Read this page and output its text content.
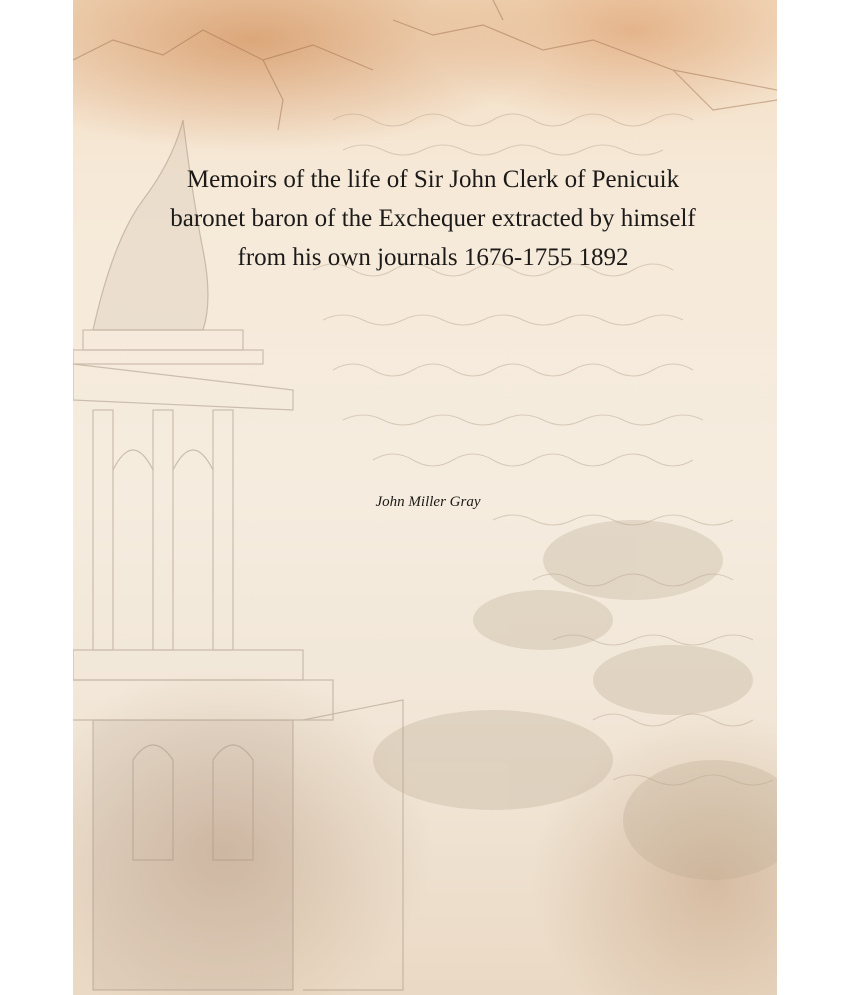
Memoirs of the life of Sir John Clerk of Penicuik baronet baron of the Exchequer extracted by himself from his own journals 1676-1755 1892
John Miller Gray
